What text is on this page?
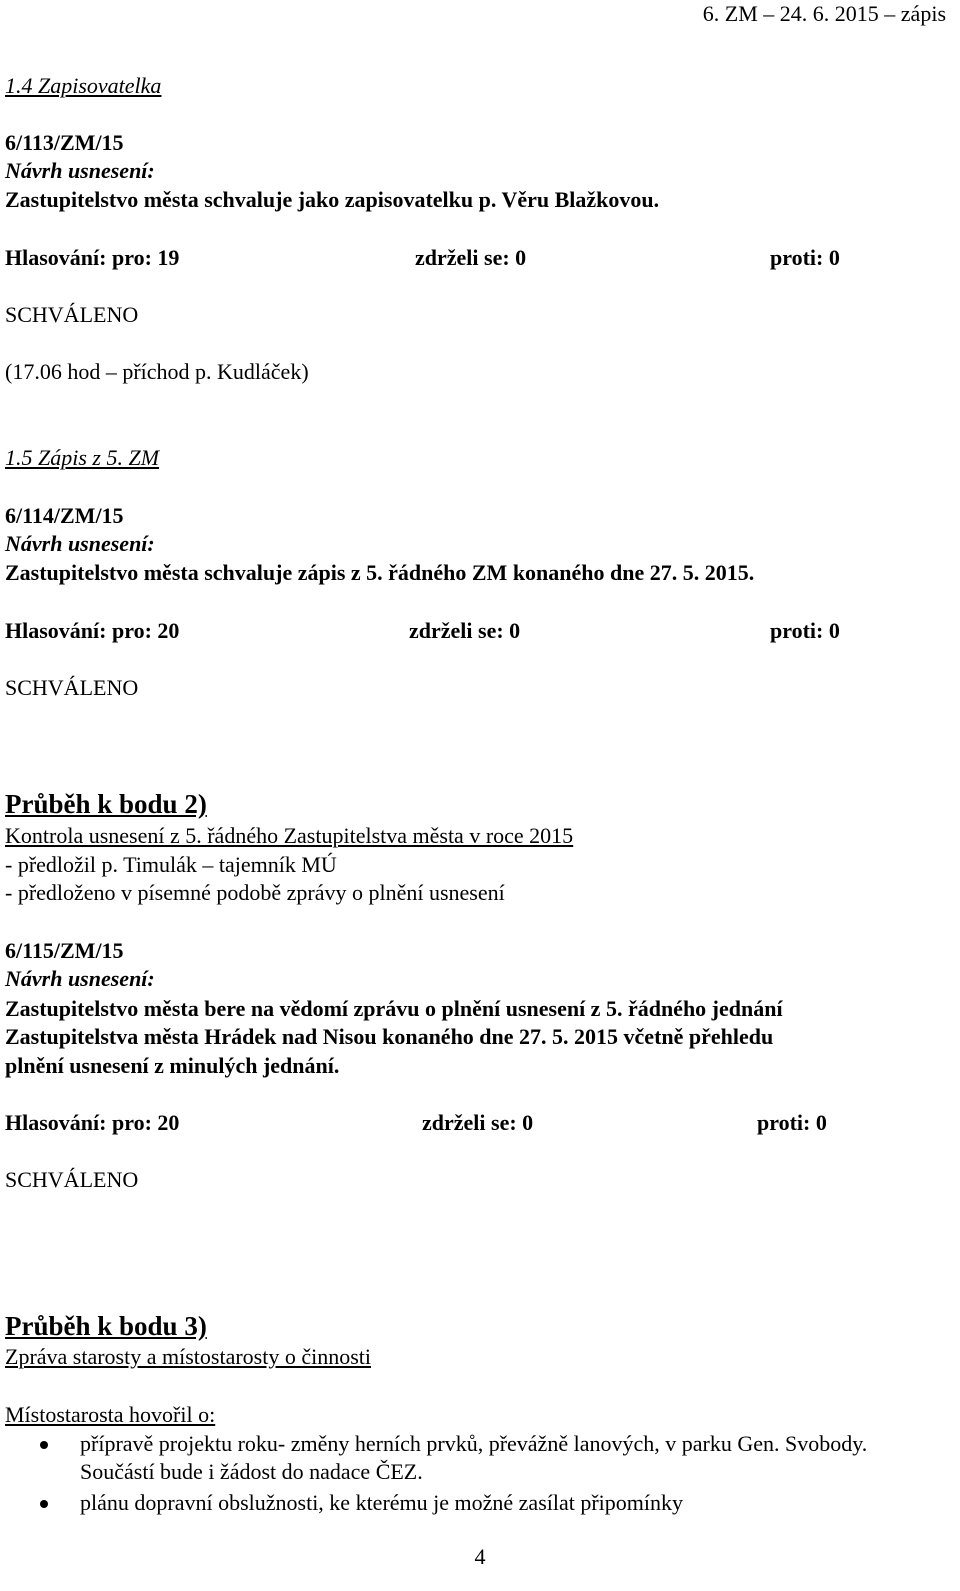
6. ZM – 24. 6. 2015 – zápis
1.4 Zapisovatelka
6/113/ZM/15
Návrh usnesení:
Zastupitelstvo města schvaluje jako zapisovatelku p. Věru Blažkovou.
Hlasování: pro: 19	zdrželi se: 0	proti: 0
SCHVÁLENO
(17.06 hod – příchod p. Kudláček)
1.5 Zápis z 5. ZM
6/114/ZM/15
Návrh usnesení:
Zastupitelstvo města schvaluje zápis z 5. řádného ZM konaného dne 27. 5. 2015.
Hlasování: pro: 20	zdrželi se: 0	proti: 0
SCHVÁLENO
Průběh k bodu 2)
Kontrola usnesení z 5. řádného Zastupitelstva města v roce 2015
- předložil p. Timulák – tajemník MÚ
- předloženo v písemné podobě zprávy o plnění usnesení
6/115/ZM/15
Návrh usnesení:
Zastupitelstvo města bere na vědomí zprávu o plnění usnesení z 5. řádného jednání
Zastupitelstva města Hrádek nad Nisou konaného dne 27. 5. 2015 včetně přehledu
plnění usnesení z minulých jednání.
Hlasování: pro: 20	zdrželi se: 0	proti: 0
SCHVÁLENO
Průběh k bodu 3)
Zpráva starosty a místostarosty o činnosti
Místostarosta hovořil o:
přípravě projektu roku- změny herních prvků, převážně lanových, v parku Gen. Svobody. Součástí bude i žádost do nadace ČEZ.
plánu dopravní obslužnosti, ke kterému je možné zasílat připomínky
4
